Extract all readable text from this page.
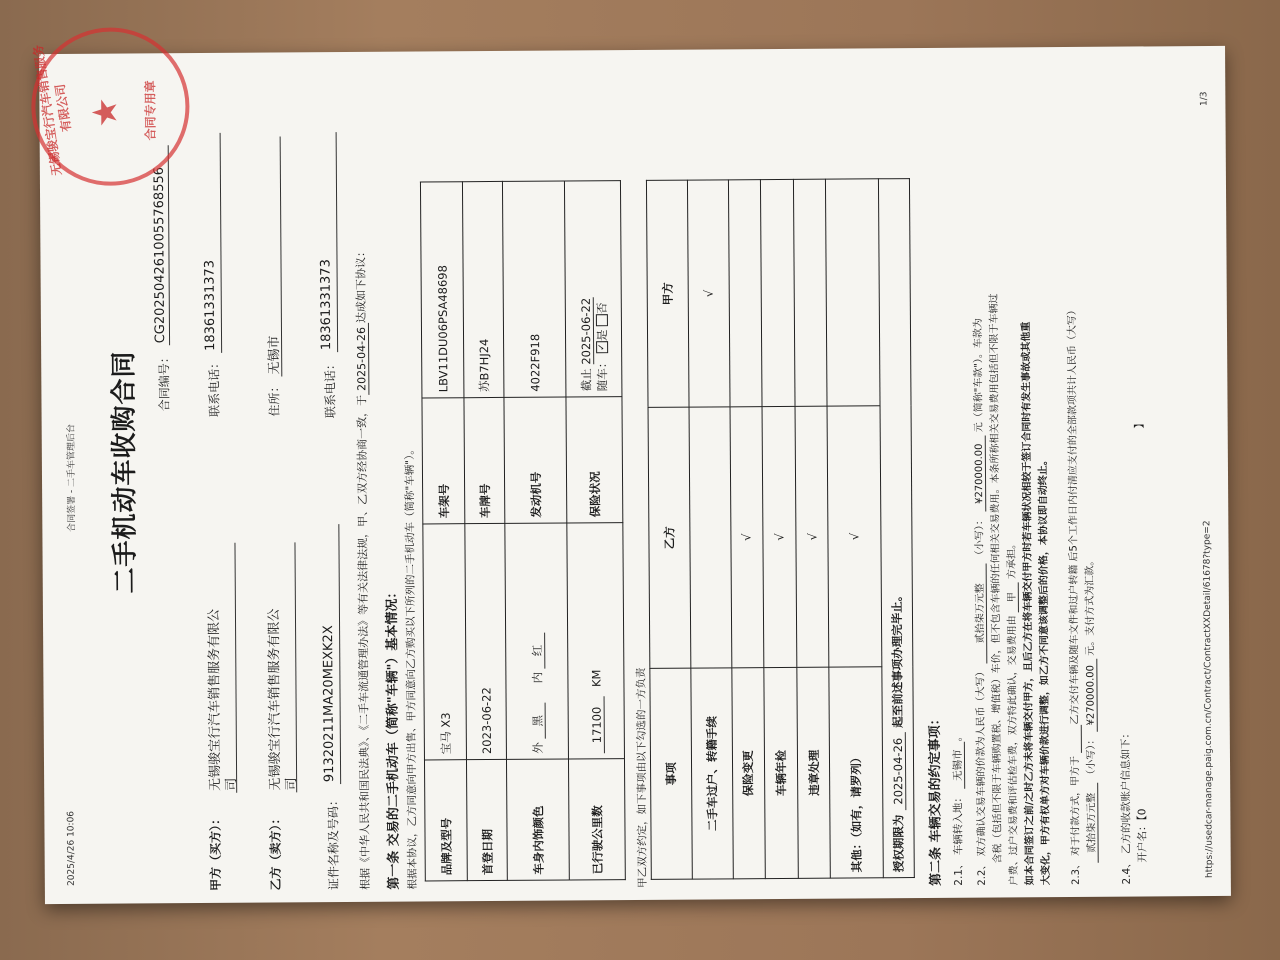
2025/4/26 10:06
合同签署 - 二手车管理后台 二手机动车收购合同 合同编号：
CG2025042610055768556
甲方（买方）：
无锡骏宝行汽车销售服务有限公 司
联系电话：
18361331373
乙方（卖方）：
无锡骏宝行汽车销售服务有限公 司
住所：
无锡市
证件名称及号码：
91320211MA20MEXK2X
联系电话：
18361331373
根据《中华人民共和国民法典》、《二手车流通管理办法》等有关法律法规，甲、乙双方经协商一致，于2025-04-26达成如下协议：
第一条 交易的二手机动车（简称"车辆"）基本情况： 根据本协议，乙方同意向甲方出售、甲方同意向乙方购买以下所列的二手机动车（简称"车辆"）。 品牌及型号	宝马 X3	车架号	LBV11DU06PSA48698
首登日期	2023-06-22	车牌号	苏B7HJ24
车身内饰颜色	外 黑 内 红	发动机号	4022F918
已行驶公里数	17100 KM	保险状况	截止 2025-06-22
随车： ✓是 否
甲乙双方约定，如下事项由以下勾选的一方负责 事项	乙方	甲方
二手车过户、转籍手续		√
保险变更	√	
车辆年检	√	
违章处理	√	
其他：（如有，请罗列）	√	
授权期限为 2025-04-26 起至前述事项办理完毕止。		
第二条 车辆交易的约定事项： 2.1、 车辆转入地： 无锡市。
2.2、 双方确认交易车辆的价款为人民币（大写） 贰拾柒万元整 （小写）： ¥270000.00 元（简称"车款"）。车款为 含税（包括但不限于车辆购置税、增值税）车价，但不包含车辆的任何相关交易费用。本条所称相关交易费用包括但不限于车辆过 户费、过户交易费和评估检车费，双方特此确认，交易费用由 甲 方承担。 如本合同签订之前/之时乙方未将车辆交付甲方，且后乙方在将车辆交付甲方时若车辆状况相较于签订合同时有发生事故或其他重 大变化，甲方有权单方对车辆价款进行调整，如乙方不同意该调整后的价格，本协议即自动终止。	2.3、 对于付款方式，甲方于 乙方交付车辆及随车文件和过户转籍 后5个工作日内付清应支付的全部款项共计人民币（大写）
贰拾柒万元整 （小写）： ¥270000.00 元。支付方式为汇款。
2.4、 乙方的收款账户信息如下： 开户名：【0】
https://usedcar-manage.paig.com.cn/Contract/ContractXXDetail/61678?type=2
1/3
无锡骏宝行汽车销售服务有限公司 ★ 合同专用章
